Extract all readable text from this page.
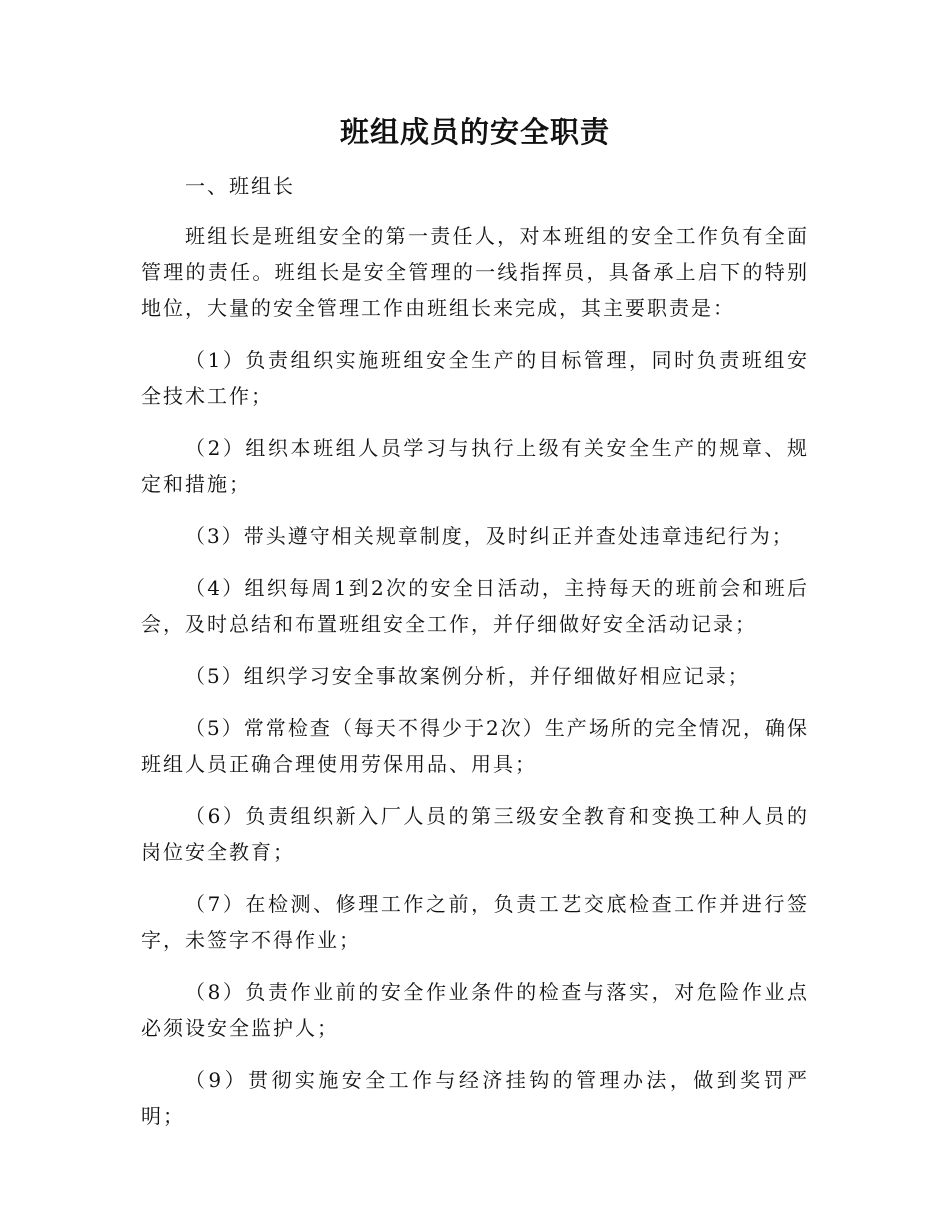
班组成员的安全职责

一、班组长

班组长是班组安全的第一责任人，对本班组的安全工作负有全面管理的责任。班组长是安全管理的一线指挥员，具备承上启下的特别地位，大量的安全管理工作由班组长来完成，其主要职责是：

（1）负责组织实施班组安全生产的目标管理，同时负责班组安全技术工作；

（2）组织本班组人员学习与执行上级有关安全生产的规章、规定和措施；

（3）带头遵守相关规章制度，及时纠正并查处违章违纪行为；

（4）组织每周1到2次的安全日活动，主持每天的班前会和班后会，及时总结和布置班组安全工作，并仔细做好安全活动记录；

（5）组织学习安全事故案例分析，并仔细做好相应记录；

（5）常常检查（每天不得少于2次）生产场所的完全情况，确保班组人员正确合理使用劳保用品、用具；

（6）负责组织新入厂人员的第三级安全教育和变换工种人员的岗位安全教育；

（7）在检测、修理工作之前，负责工艺交底检查工作并进行签字，未签字不得作业；

（8）负责作业前的安全作业条件的检查与落实，对危险作业点必须设安全监护人；

（9）贯彻实施安全工作与经济挂钩的管理办法，做到奖罚严明；
